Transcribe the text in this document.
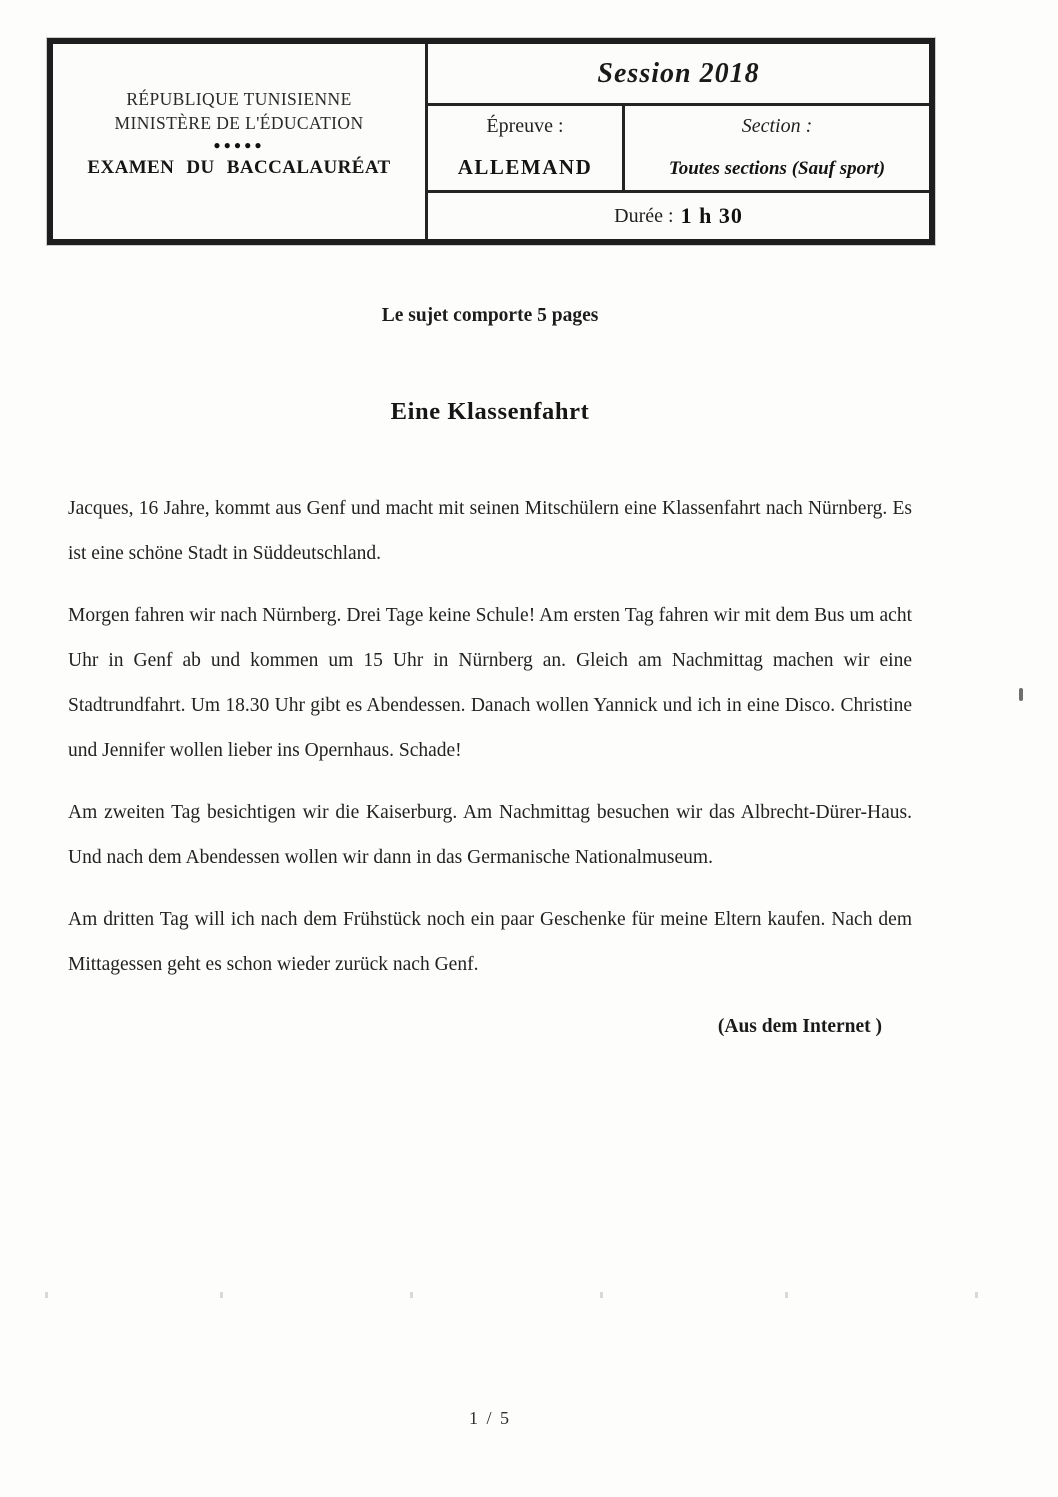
RÉPUBLIQUE TUNISIENNE
MINISTÈRE DE L'ÉDUCATION
●●●●●
EXAMEN DU BACCALAURÉAT
Session 2018
Épreuve :
ALLEMAND
Section :
Toutes sections (Sauf sport)
Durée : 1 h 30
Le sujet comporte 5 pages
Eine Klassenfahrt

Jacques, 16 Jahre, kommt aus Genf und macht mit seinen Mitschülern eine Klassenfahrt nach Nürnberg. Es ist eine schöne Stadt in Süddeutschland.

Morgen fahren wir nach Nürnberg. Drei Tage keine Schule! Am ersten Tag fahren wir mit dem Bus um acht Uhr in Genf ab und kommen um 15 Uhr in Nürnberg an. Gleich am Nachmittag machen wir eine Stadtrundfahrt. Um 18.30 Uhr gibt es Abendessen. Danach wollen Yannick und ich in eine Disco. Christine und Jennifer wollen lieber ins Opernhaus. Schade!

Am zweiten Tag besichtigen wir die Kaiserburg. Am Nachmittag besuchen wir das Albrecht-Dürer-Haus. Und nach dem Abendessen wollen wir dann in das Germanische Nationalmuseum.

Am dritten Tag will ich nach dem Frühstück noch ein paar Geschenke für meine Eltern kaufen. Nach dem Mittagessen geht es schon wieder zurück nach Genf.

(Aus dem Internet )
1 / 5
